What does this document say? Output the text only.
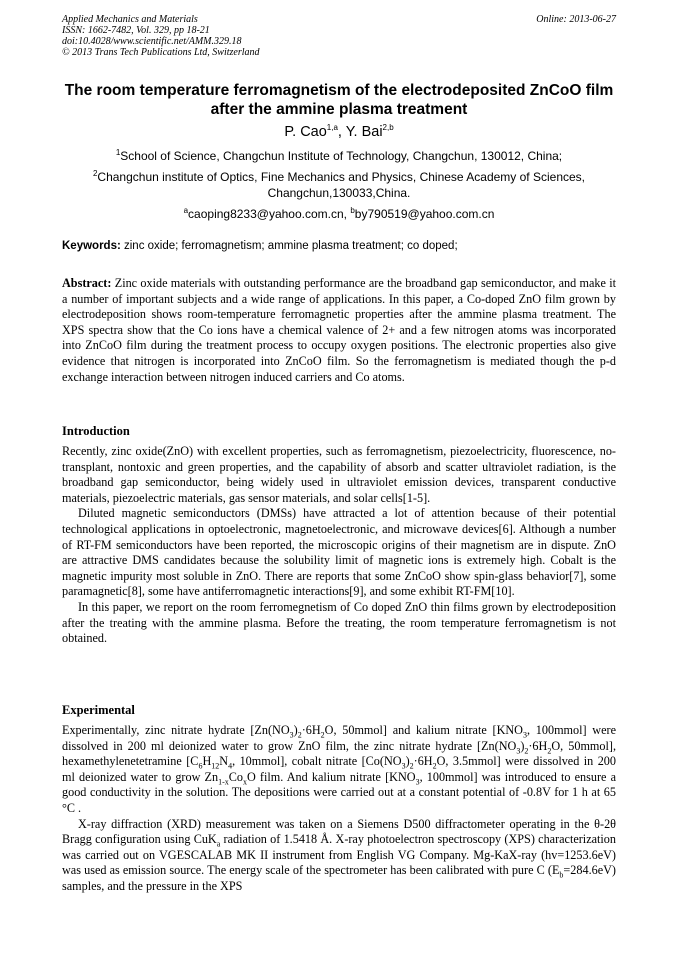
Applied Mechanics and Materials
ISSN: 1662-7482, Vol. 329, pp 18-21
doi:10.4028/www.scientific.net/AMM.329.18
© 2013 Trans Tech Publications Ltd, Switzerland
Online: 2013-06-27
The room temperature ferromagnetism of the electrodeposited ZnCoO film after the ammine plasma treatment
P. Cao$^{1,a}$, Y. Bai$^{2,b}$
$^1$School of Science, Changchun Institute of Technology, Changchun, 130012, China;
$^2$Changchun institute of Optics, Fine Mechanics and Physics, Chinese Academy of Sciences,
Changchun,130033,China.
$^a$caoping8233@yahoo.com.cn, $^b$by790519@yahoo.com.cn
Keywords: zinc oxide; ferromagnetism; ammine plasma treatment; co doped;

Abstract: Zinc oxide materials with outstanding performance are the broadband gap semiconductor, and make it a number of important subjects and a wide range of applications. In this paper, a Co-doped ZnO film grown by electrodeposition shows room-temperature ferromagnetic properties after the ammine plasma treatment. The XPS spectra show that the Co ions have a chemical valence of 2+ and a few nitrogen atoms was incorporated into ZnCoO film during the treatment process to occupy oxygen positions. The electronic properties also give evidence that nitrogen is incorporated into ZnCoO film. So the ferromagnetism is mediated though the p-d exchange interaction between nitrogen induced carriers and Co atoms.

Introduction

Recently, zinc oxide(ZnO) with excellent properties, such as ferromagnetism, piezoelectricity, fluorescence, no-transplant, nontoxic and green properties, and the capability of absorb and scatter ultraviolet radiation, is the broadband gap semiconductor, being widely used in ultraviolet emission devices, transparent conductive materials, piezoelectric materials, gas sensor materials, and solar cells[1-5].

Diluted magnetic semiconductors (DMSs) have attracted a lot of attention because of their potential technological applications in optoelectronic, magnetoelectronic, and microwave devices[6]. Although a number of RT-FM semiconductors have been reported, the microscopic origins of their magnetism are in dispute. ZnO are attractive DMS candidates because the solubility limit of magnetic ions is extremely high. Cobalt is the magnetic impurity most soluble in ZnO. There are reports that some ZnCoO show spin-glass behavior[7], some paramagnetic[8], some have antiferromagnetic interactions[9], and some exhibit RT-FM[10].

In this paper, we report on the room ferromegnetism of Co doped ZnO thin films grown by electrodeposition after the treating with the ammine plasma. Before the treating, the room temperature ferromagnetism is not obtained.

Experimental

Experimentally, zinc nitrate hydrate [$Zn(NO_3)_2\cdot 6H_2O$, 50mmol] and kalium nitrate [$KNO_3$, 100mmol] were dissolved in 200 ml deionized water to grow ZnO film, the zinc nitrate hydrate [$Zn(NO_3)_2\cdot 6H_2O$, 50mmol], hexamethylenetetramine [$C_6H_{12}N_4$, 10mmol], cobalt nitrate [$Co(NO_3)_2\cdot 6H_2O$, 3.5mmol] were dissolved in 200 ml deionized water to grow $Zn_{1-x}Co_xO$ film. And kalium nitrate [$KNO_3$, 100mmol] was introduced to ensure a good conductivity in the solution. The depositions were carried out at a constant potential of -0.8V for 1 h at 65 °C .

X-ray diffraction (XRD) measurement was taken on a Siemens D500 diffractometer operating in the θ-2θ Bragg configuration using CuK$_a$ radiation of 1.5418 Å. X-ray photoelectron spectroscopy (XPS) characterization was carried out on VGESCALAB MK II instrument from English VG Company. Mg-KaX-ray (hv=1253.6eV) was used as emission source. The energy scale of the spectrometer has been calibrated with pure C $(E_b=284.6eV)$ samples, and the pressure in the XPS
